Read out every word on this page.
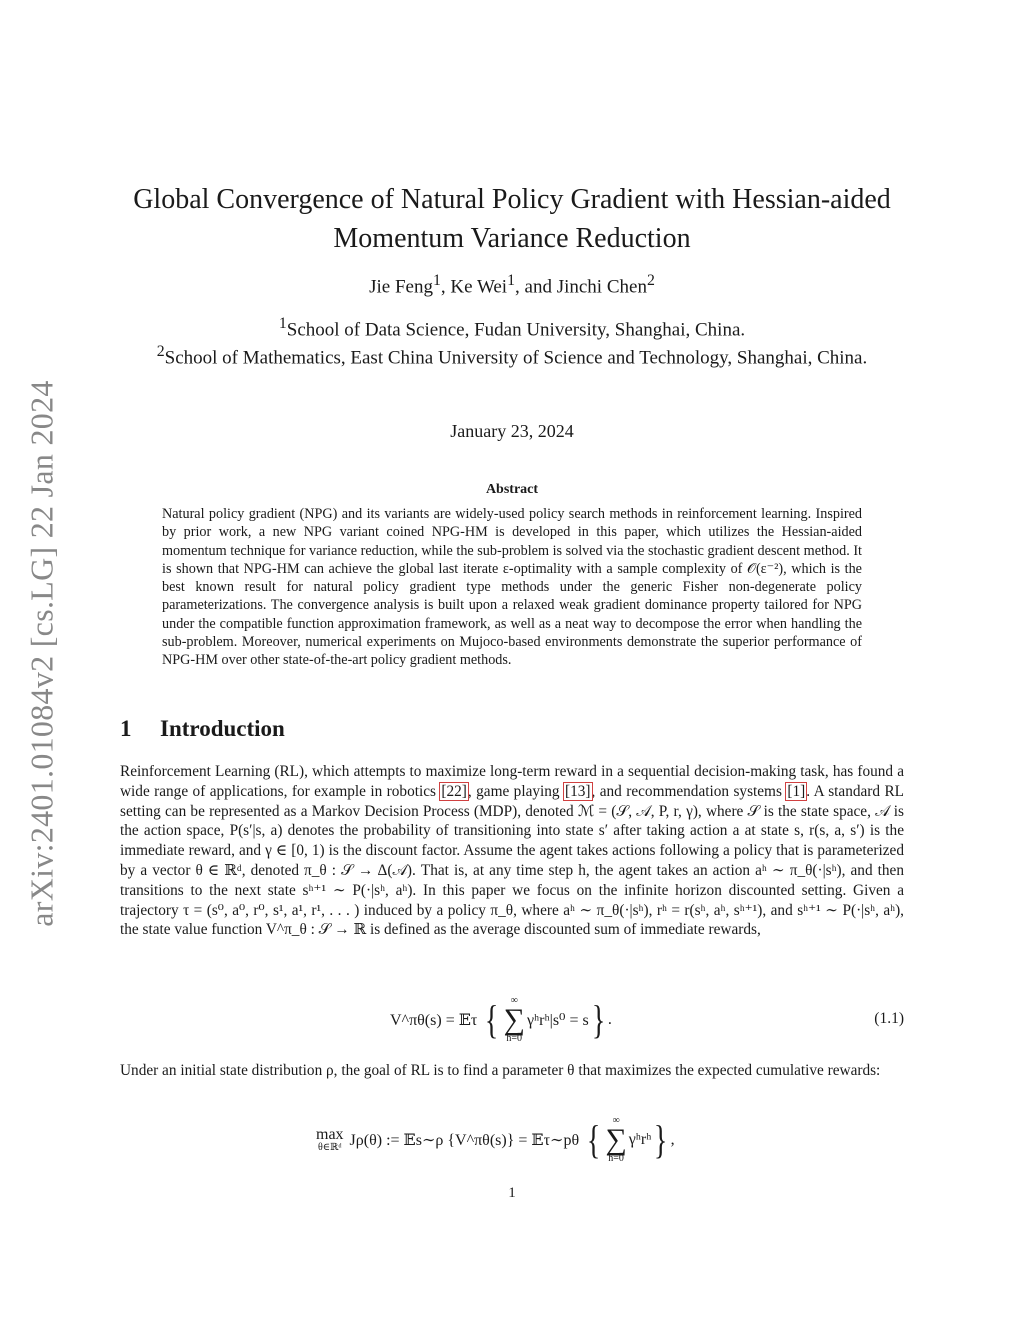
arXiv:2401.01084v2 [cs.LG] 22 Jan 2024
Global Convergence of Natural Policy Gradient with Hessian-aided
Momentum Variance Reduction
Jie Feng$^1$, Ke Wei$^1$, and Jinchi Chen$^2$
$^1$School of Data Science, Fudan University, Shanghai, China.
$^2$School of Mathematics, East China University of Science and Technology, Shanghai, China.
January 23, 2024
Abstract
Natural policy gradient (NPG) and its variants are widely-used policy search methods in reinforcement learning. Inspired by prior work, a new NPG variant coined NPG-HM is developed in this paper, which utilizes the Hessian-aided momentum technique for variance reduction, while the sub-problem is solved via the stochastic gradient descent method. It is shown that NPG-HM can achieve the global last iterate ε-optimality with a sample complexity of 𝒪(ε⁻²), which is the best known result for natural policy gradient type methods under the generic Fisher non-degenerate policy parameterizations. The convergence analysis is built upon a relaxed weak gradient dominance property tailored for NPG under the compatible function approximation framework, as well as a neat way to decompose the error when handling the sub-problem. Moreover, numerical experiments on Mujoco-based environments demonstrate the superior performance of NPG-HM over other state-of-the-art policy gradient methods.
1 Introduction
Reinforcement Learning (RL), which attempts to maximize long-term reward in a sequential decision-making task, has found a wide range of applications, for example in robotics [22], game playing [13], and recommendation systems [1]. A standard RL setting can be represented as a Markov Decision Process (MDP), denoted ℳ = (𝒮, 𝒜, P, r, γ), where 𝒮 is the state space, 𝒜 is the action space, P(s′|s, a) denotes the probability of transitioning into state s′ after taking action a at state s, r(s, a, s′) is the immediate reward, and γ ∈ [0, 1) is the discount factor. Assume the agent takes actions following a policy that is parameterized by a vector θ ∈ ℝᵈ, denoted π_θ : 𝒮 → Δ(𝒜). That is, at any time step h, the agent takes an action aʰ ∼ π_θ(·|sʰ), and then transitions to the next state sʰ⁺¹ ∼ P(·|sʰ, aʰ). In this paper we focus on the infinite horizon discounted setting. Given a trajectory τ = (s⁰, a⁰, r⁰, s¹, a¹, r¹, . . . ) induced by a policy π_θ, where aʰ ∼ π_θ(·|sʰ), rʰ = r(sʰ, aʰ, sʰ⁺¹), and sʰ⁺¹ ∼ P(·|sʰ, aʰ), the state value function V^π_θ : 𝒮 → ℝ is defined as the average discounted sum of immediate rewards,
V^πθ(s) = 𝔼τ { ∞
∑
h=0
γʰrʰ|s⁰ = s } .	(1.1)
Under an initial state distribution ρ, the goal of RL is to find a parameter θ that maximizes the expected cumulative rewards:
max
θ∈ℝᵈ Jρ(θ) := 𝔼s∼ρ {V^πθ(s)} = 𝔼τ∼pθ { ∞
∑
h=0
γʰrʰ } ,
1
